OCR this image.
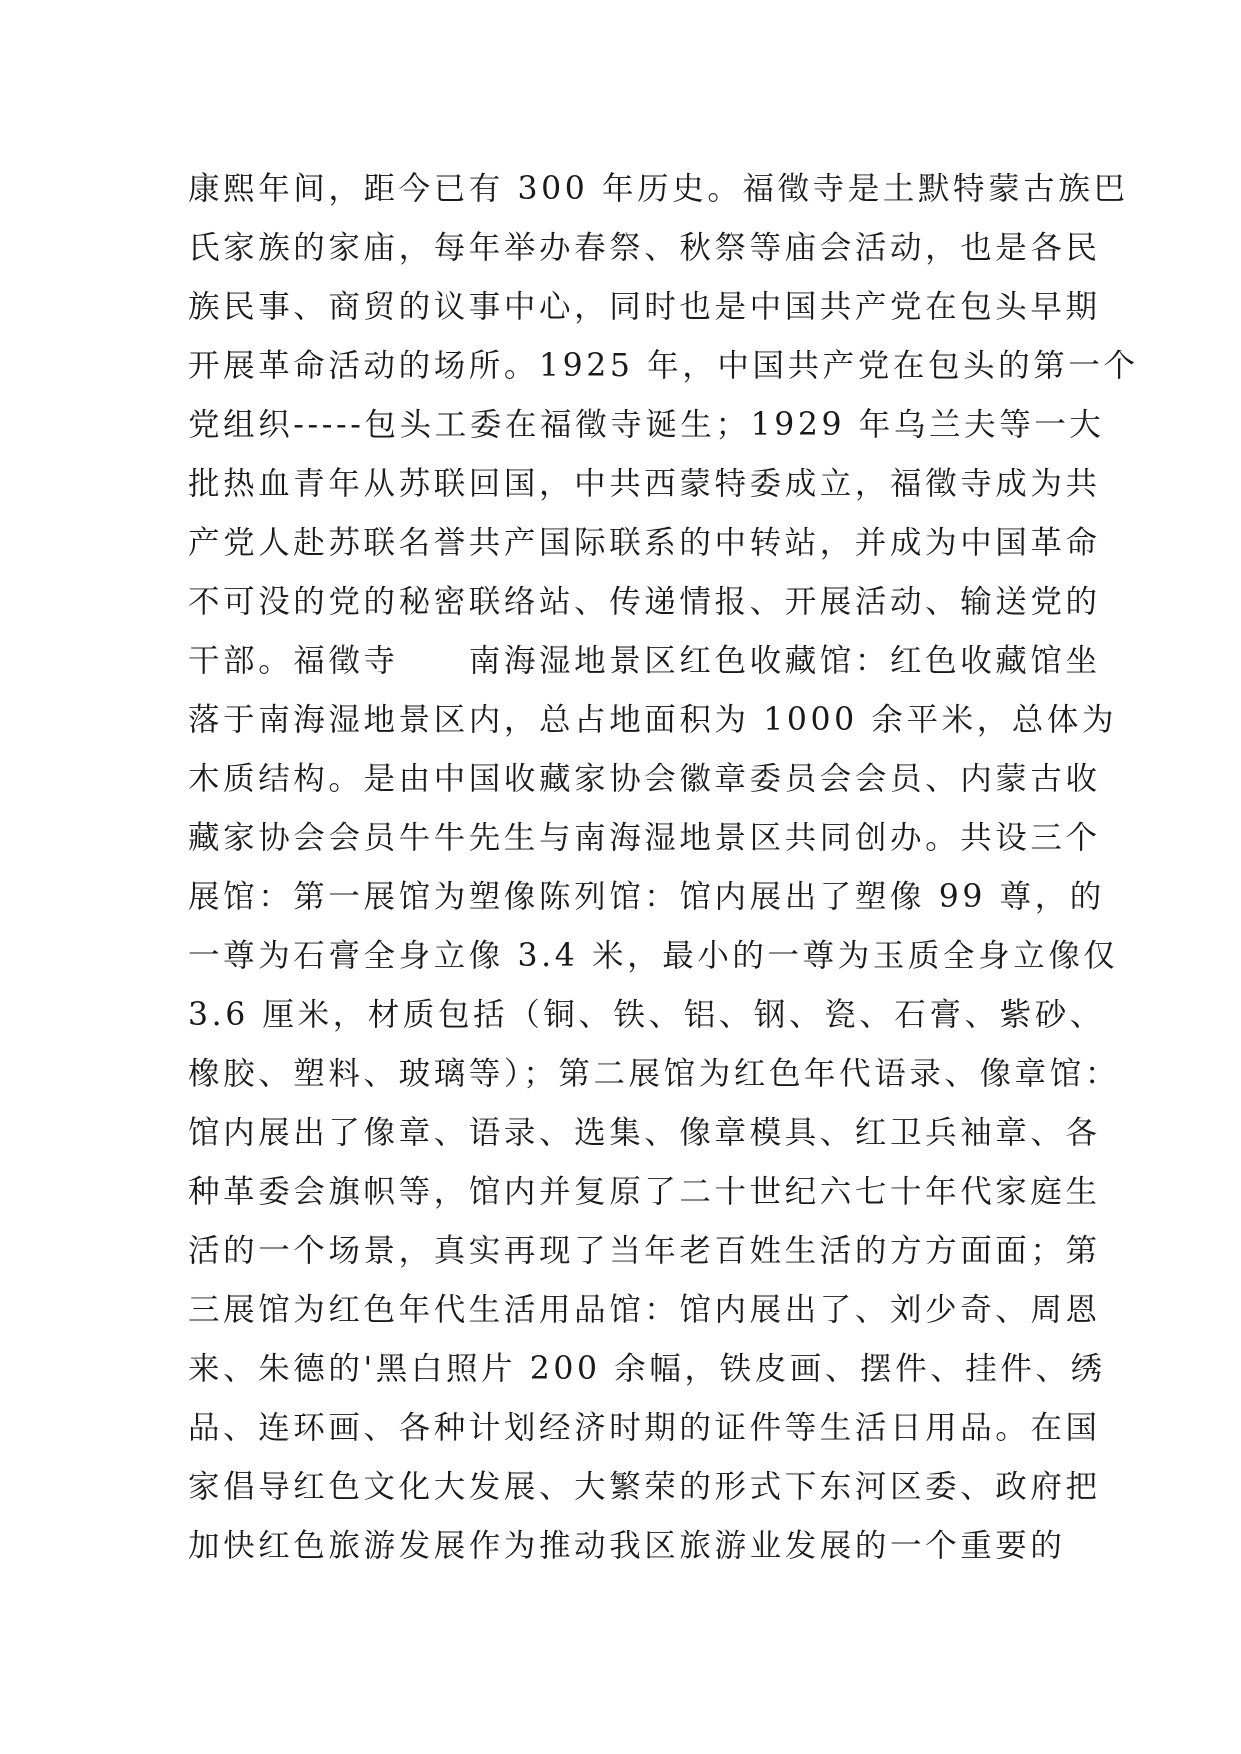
康熙年间，距今已有 300 年历史。福徵寺是土默特蒙古族巴
氏家族的家庙，每年举办春祭、秋祭等庙会活动，也是各民
族民事、商贸的议事中心，同时也是中国共产党在包头早期
开展革命活动的场所。1925 年，中国共产党在包头的第一个
党组织-----包头工委在福徵寺诞生；1929 年乌兰夫等一大
批热血青年从苏联回国，中共西蒙特委成立，福徵寺成为共
产党人赴苏联名誉共产国际联系的中转站，并成为中国革命
不可没的党的秘密联络站、传递情报、开展活动、输送党的
干部。福徵寺　　南海湿地景区红色收藏馆：红色收藏馆坐
落于南海湿地景区内，总占地面积为 1000 余平米，总体为
木质结构。是由中国收藏家协会徽章委员会会员、内蒙古收
藏家协会会员牛牛先生与南海湿地景区共同创办。共设三个
展馆：第一展馆为塑像陈列馆：馆内展出了塑像 99 尊，的
一尊为石膏全身立像 3.4 米，最小的一尊为玉质全身立像仅
3.6 厘米，材质包括（铜、铁、铝、钢、瓷、石膏、紫砂、
橡胶、塑料、玻璃等）；第二展馆为红色年代语录、像章馆：
馆内展出了像章、语录、选集、像章模具、红卫兵袖章、各
种革委会旗帜等，馆内并复原了二十世纪六七十年代家庭生
活的一个场景，真实再现了当年老百姓生活的方方面面；第
三展馆为红色年代生活用品馆：馆内展出了、刘少奇、周恩
来、朱德的'黑白照片 200 余幅，铁皮画、摆件、挂件、绣
品、连环画、各种计划经济时期的证件等生活日用品。在国
家倡导红色文化大发展、大繁荣的形式下东河区委、政府把
加快红色旅游发展作为推动我区旅游业发展的一个重要的
